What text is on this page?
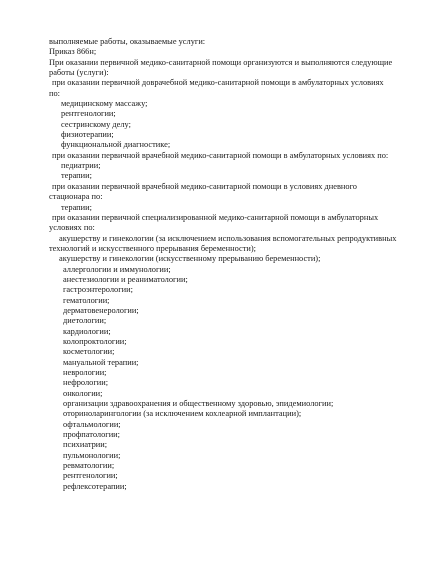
выполняемые работы, оказываемые услуги:
Приказ 866н;
При оказании первичной медико-санитарной помощи организуются и выполняются следующие
работы (услуги):
при оказании первичной доврачебной медико-санитарной помощи в амбулаторных условиях
по:
медицинскому массажу;
рентгенологии;
сестринскому делу;
физиотерапии;
функциональной диагностике;
при оказании первичной врачебной медико-санитарной помощи в амбулаторных условиях по:
педиатрии;
терапии;
при оказании первичной врачебной медико-санитарной помощи в условиях дневного
стационара по:
терапии;
при оказании первичной специализированной медико-санитарной помощи в амбулаторных
условиях по:
акушерству и гинекологии (за исключением использования вспомогательных репродуктивных
технологий и искусственного прерывания беременности);
акушерству и гинекологии (искусственному прерыванию беременности);
аллергологии и иммунологии;
анестезиологии и реаниматологии;
гастроэнтерологии;
гематологии;
дерматовенерологии;
диетологии;
кардиологии;
колопроктологии;
косметологии;
мануальной терапии;
неврологии;
нефрологии;
онкологии;
организации здравоохранения и общественному здоровью, эпидемиологии;
оториноларингологии (за исключением кохлеарной имплантации);
офтальмологии;
профпатологии;
психиатрии;
пульмонологии;
ревматологии;
рентгенологии;
рефлексотерапии;
